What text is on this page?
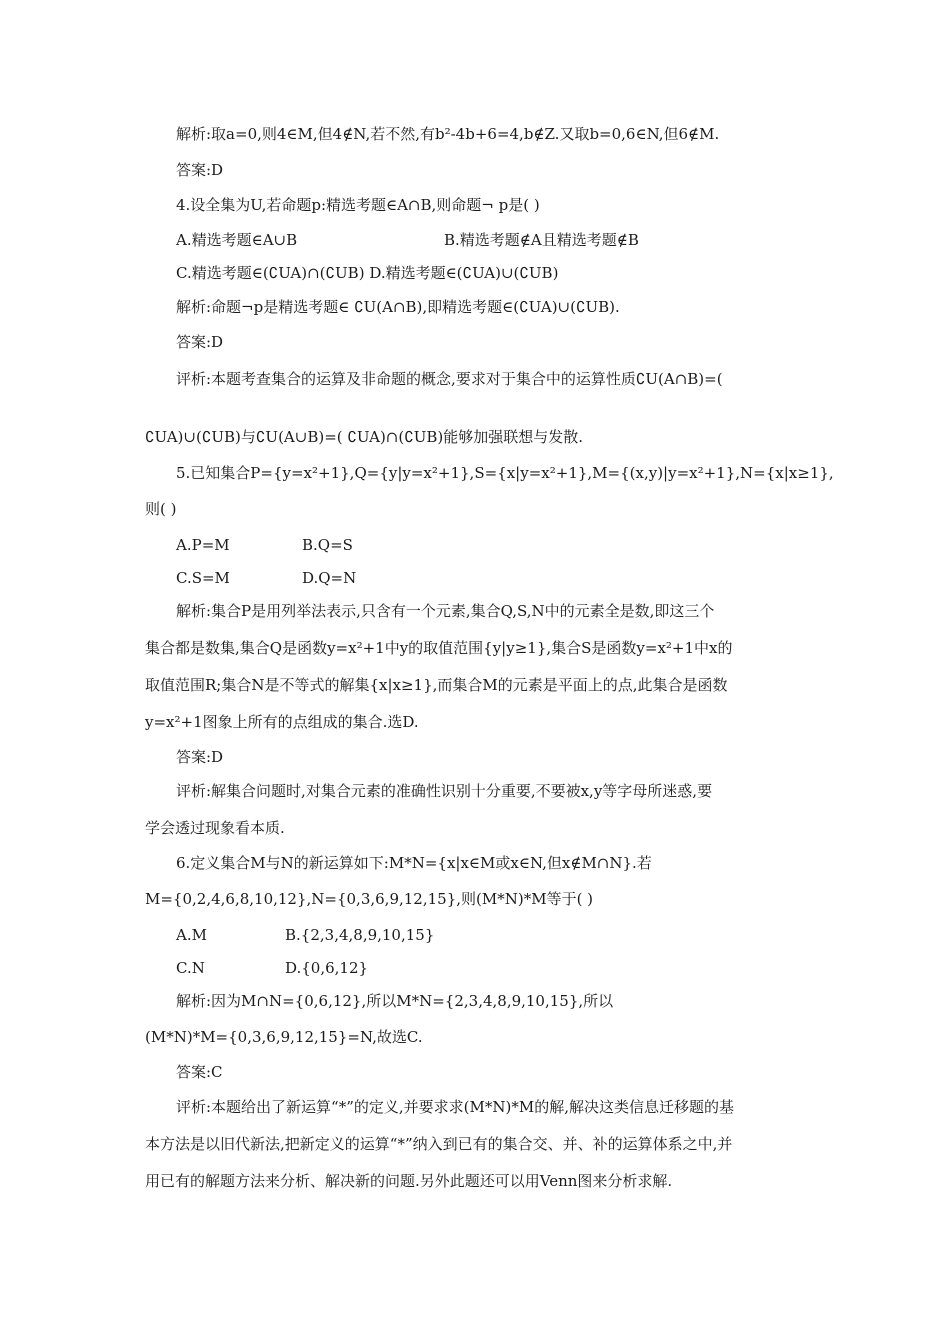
解析:取a=0,则4∈M,但4∉N,若不然,有b²-4b+6=4,b∉Z.又取b=0,6∈N,但6∉M.
答案:D
4.设全集为U,若命题p:精选考题∈A∩B,则命题¬ p是( )
A.精选考题∈A∪B	B.精选考题∉A且精选考题∉B
C.精选考题∈(∁UA)∩(∁UB) D.精选考题∈(∁UA)∪(∁UB)
解析:命题¬p是精选考题∈ ∁U(A∩B),即精选考题∈(∁UA)∪(∁UB).
答案:D
评析:本题考查集合的运算及非命题的概念,要求对于集合中的运算性质∁U(A∩B)=(
∁UA)∪(∁UB)与∁U(A∪B)=( ∁UA)∩(∁UB)能够加强联想与发散.
5.已知集合P={y=x²+1},Q={y|y=x²+1},S={x|y=x²+1},M={(x,y)|y=x²+1},N={x|x≥1},
则( )
A.P=M	B.Q=S
C.S=M	D.Q=N
解析:集合P是用列举法表示,只含有一个元素,集合Q,S,N中的元素全是数,即这三个
集合都是数集,集合Q是函数y=x²+1中y的取值范围{y|y≥1},集合S是函数y=x²+1中x的
取值范围R;集合N是不等式的解集{x|x≥1},而集合M的元素是平面上的点,此集合是函数
y=x²+1图象上所有的点组成的集合.选D.
答案:D
评析:解集合问题时,对集合元素的准确性识别十分重要,不要被x,y等字母所迷惑,要
学会透过现象看本质.
6.定义集合M与N的新运算如下:M*N={x|x∈M或x∈N,但x∉M∩N}.若
M={0,2,4,6,8,10,12},N={0,3,6,9,12,15},则(M*N)*M等于( )
A.M	B.{2,3,4,8,9,10,15}
C.N	D.{0,6,12}
解析:因为M∩N={0,6,12},所以M*N={2,3,4,8,9,10,15},所以
(M*N)*M={0,3,6,9,12,15}=N,故选C.
答案:C
评析:本题给出了新运算“*”的定义,并要求求(M*N)*M的解,解决这类信息迁移题的基
本方法是以旧代新法,把新定义的运算“*”纳入到已有的集合交、并、补的运算体系之中,并
用已有的解题方法来分析、解决新的问题.另外此题还可以用Venn图来分析求解.
